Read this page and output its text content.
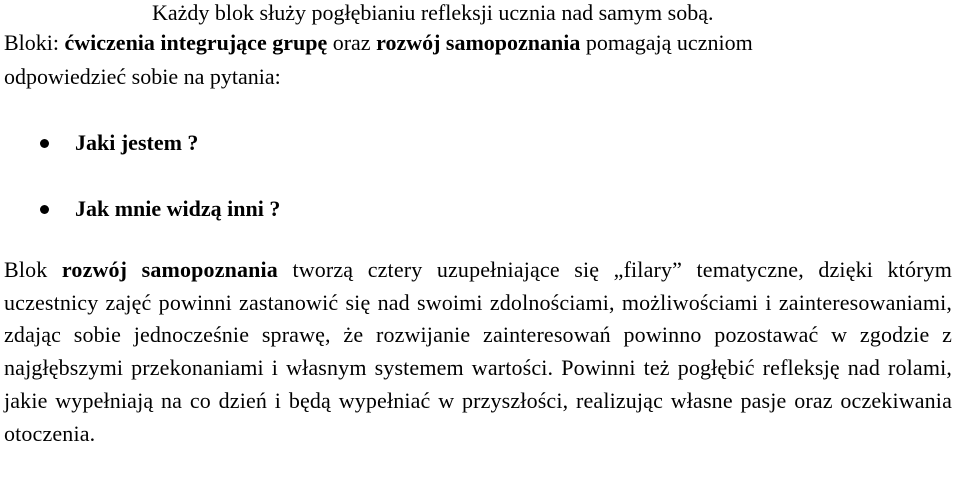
Każdy blok służy pogłębianiu refleksji ucznia nad samym sobą.
Bloki: ćwiczenia integrujące grupę oraz rozwój samopoznania pomagają uczniom
odpowiedzieć sobie na pytania:
Jaki jestem ?
Jak mnie widzą inni ?
Blok rozwój samopoznania tworzą cztery uzupełniające się „filary” tematyczne, dzięki którym uczestnicy zajęć powinni zastanowić się nad swoimi zdolnościami, możliwościami i zainteresowaniami, zdając sobie jednocześnie sprawę, że rozwijanie zainteresowań powinno pozostawać w zgodzie z najgłębszymi przekonaniami i własnym systemem wartości. Powinni też pogłębić refleksję nad rolami, jakie wypełniają na co dzień i będą wypełniać w przyszłości, realizując własne pasje oraz oczekiwania otoczenia.
